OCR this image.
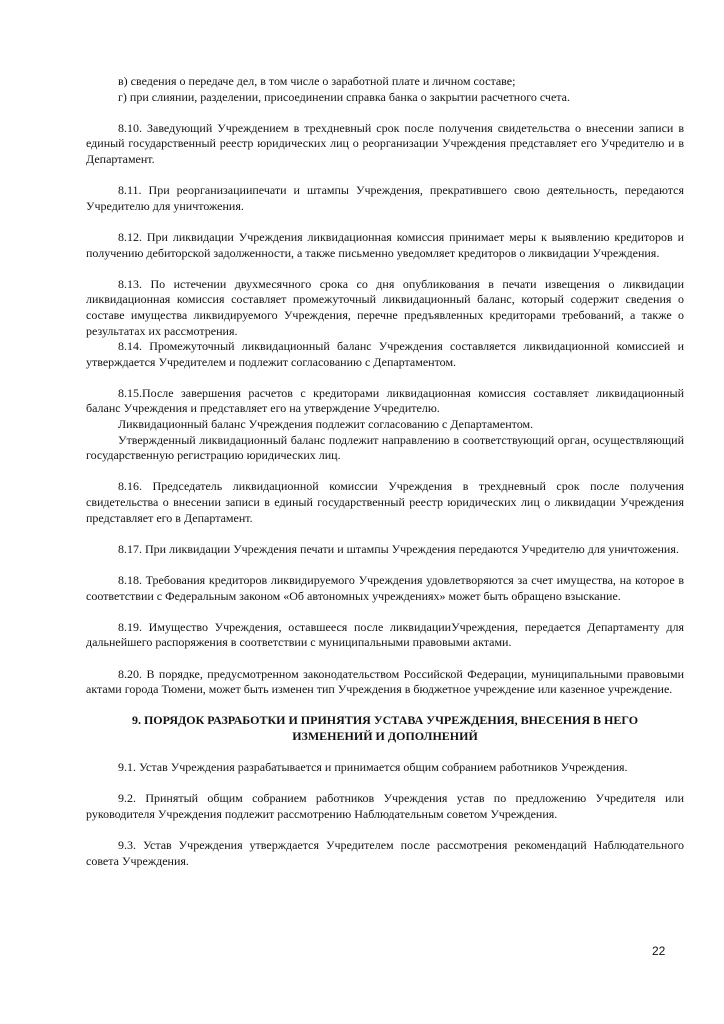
в) сведения о передаче дел, в том числе о заработной плате и личном составе;

г) при слиянии, разделении, присоединении справка банка о закрытии расчетного счета.

8.10. Заведующий Учреждением в трехдневный срок после получения свидетельства о внесении записи в единый государственный реестр юридических лиц о реорганизации Учреждения представляет его Учредителю и в Департамент.

8.11. При реорганизациипечати и штампы Учреждения, прекратившего свою деятельность, передаются Учредителю для уничтожения.

8.12. При ликвидации Учреждения ликвидационная комиссия принимает меры к выявлению кредиторов и получению дебиторской задолженности, а также письменно уведомляет кредиторов о ликвидации Учреждения.

8.13. По истечении двухмесячного срока со дня опубликования в печати извещения о ликвидации ликвидационная комиссия составляет промежуточный ликвидационный баланс, который содержит сведения о составе имущества ликвидируемого Учреждения, перечне предъявленных кредиторами требований, а также о результатах их рассмотрения.

8.14. Промежуточный ликвидационный баланс Учреждения составляется ликвидационной комиссией и утверждается Учредителем и подлежит согласованию с Департаментом.

8.15.После завершения расчетов с кредиторами ликвидационная комиссия составляет ликвидационный баланс Учреждения и представляет его на утверждение Учредителю.

Ликвидационный баланс Учреждения подлежит согласованию с Департаментом.

Утвержденный ликвидационный баланс подлежит направлению в соответствующий орган, осуществляющий государственную регистрацию юридических лиц.

8.16. Председатель ликвидационной комиссии Учреждения в трехдневный срок после получения свидетельства о внесении записи в единый государственный реестр юридических лиц о ликвидации Учреждения представляет его в Департамент.

8.17. При ликвидации Учреждения печати и штампы Учреждения передаются Учредителю для уничтожения.

8.18. Требования кредиторов ликвидируемого Учреждения удовлетворяются за счет имущества, на которое в соответствии с Федеральным законом «Об автономных учреждениях» может быть обращено взыскание.

8.19. Имущество Учреждения, оставшееся после ликвидацииУчреждения, передается Департаменту для дальнейшего распоряжения в соответствии с муниципальными правовыми актами.

8.20. В порядке, предусмотренном законодательством Российской Федерации, муниципальными правовыми актами города Тюмени, может быть изменен тип Учреждения в бюджетное учреждение или казенное учреждение.

9. ПОРЯДОК РАЗРАБОТКИ И ПРИНЯТИЯ УСТАВА УЧРЕЖДЕНИЯ, ВНЕСЕНИЯ В НЕГО ИЗМЕНЕНИЙ И ДОПОЛНЕНИЙ

9.1. Устав Учреждения разрабатывается и принимается общим собранием работников Учреждения.

9.2. Принятый общим собранием работников Учреждения устав по предложению Учредителя или руководителя Учреждения подлежит рассмотрению Наблюдательным советом Учреждения.

9.3. Устав Учреждения утверждается Учредителем после рассмотрения рекомендаций Наблюдательного совета Учреждения.

22
